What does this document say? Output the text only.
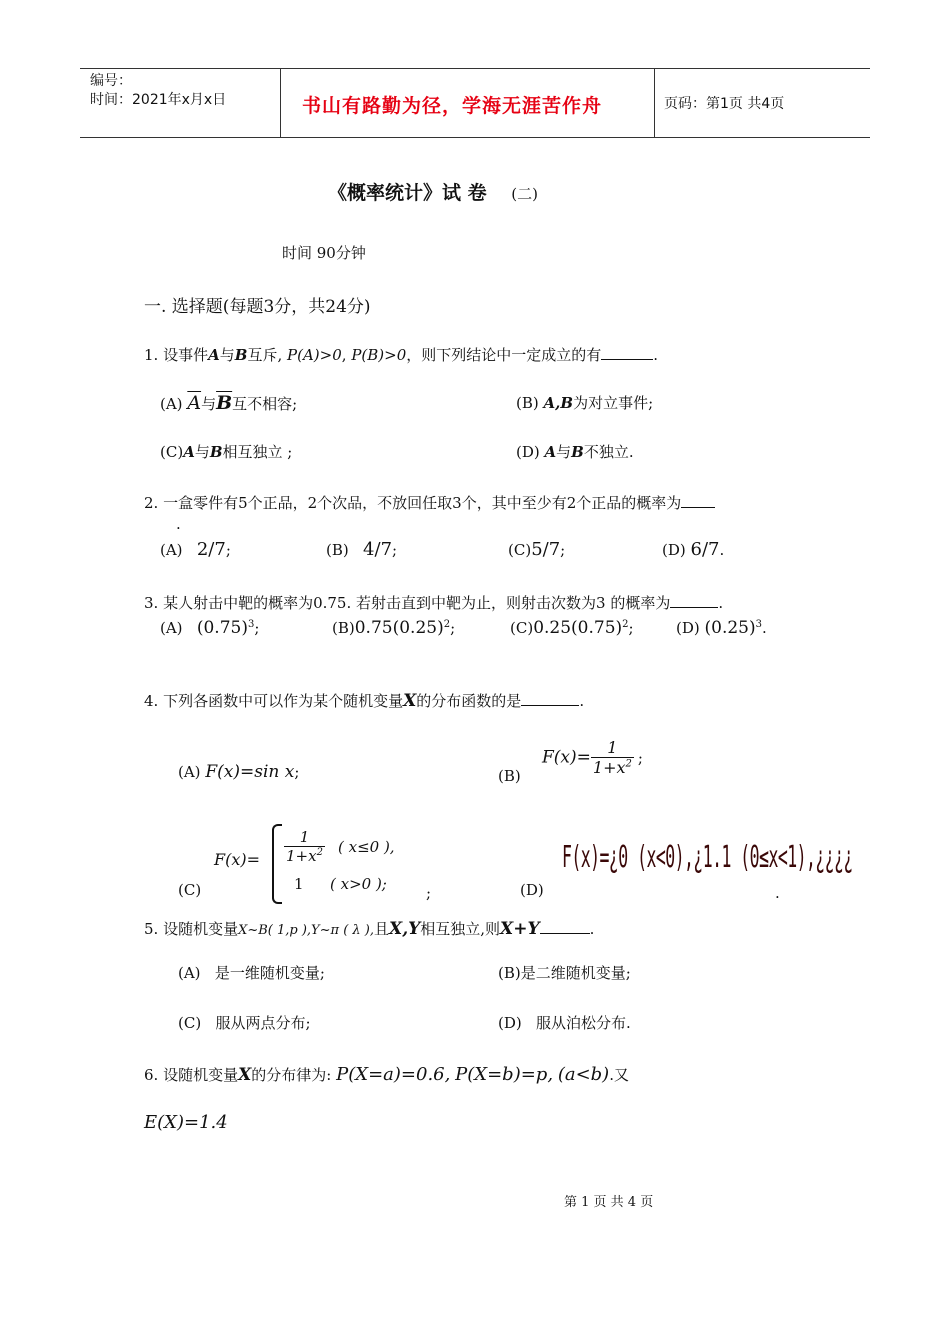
编号：
时间：2021年x月x日	书山有路勤为径，学海无涯苦作舟	页码：第1页 共4页
《概率统计》试 卷 (二)
时间 90分钟
一. 选择题(每题3分，共24分)
1. 设事件A与B互斥, P(A)>0, P(B)>0，则下列结论中一定成立的有	.
(A) $\overline{A}$与$\overline{B}$互不相容;	(B) A,B为对立事件;
(C)A与B相互独立 ;	(D) A与B不独立.
2. 一盒零件有5个正品，2个次品，不放回任取3个，其中至少有2个正品的概率为
.
(A) 2/7;	(B) 4/7;	(C)5/7;	(D) 6/7.
3. 某人射击中靶的概率为0.75. 若射击直到中靶为止，则射击次数为3 的概率为	.
(A) $(0.75)^3$;	$(B)0.75(0.25)^2$;	$(C)0.25(0.75)^2$;	(D) $(0.25)^3$.
4. 下列各函数中可以作为某个随机变量X的分布函数的是	.
(A) F(x)=sin x;	(B)
$F(x)= \frac{1}{1+x^2}$ ;
(C)
$F(x)= \frac{1}{1+x^2}$ ( x≤0 ),
1 ( x>0 );	;	(D)
F(x)=¿0 (x<0),¿1.1 (0≤x<1),¿¿¿¿
.
5. 设随机变量X~B( 1,p ),Y~π ( λ ),且X,Y相互独立,则X+Y	.
(A) 是一维随机变量;	(B)是二维随机变量;
(C) 服从两点分布;	(D) 服从泊松分布.
6. 设随机变量X的分布律为: P(X=a)=0.6, P(X=b)=p, (a<b).又
E(X)=1.4
第 1 页 共 4 页
